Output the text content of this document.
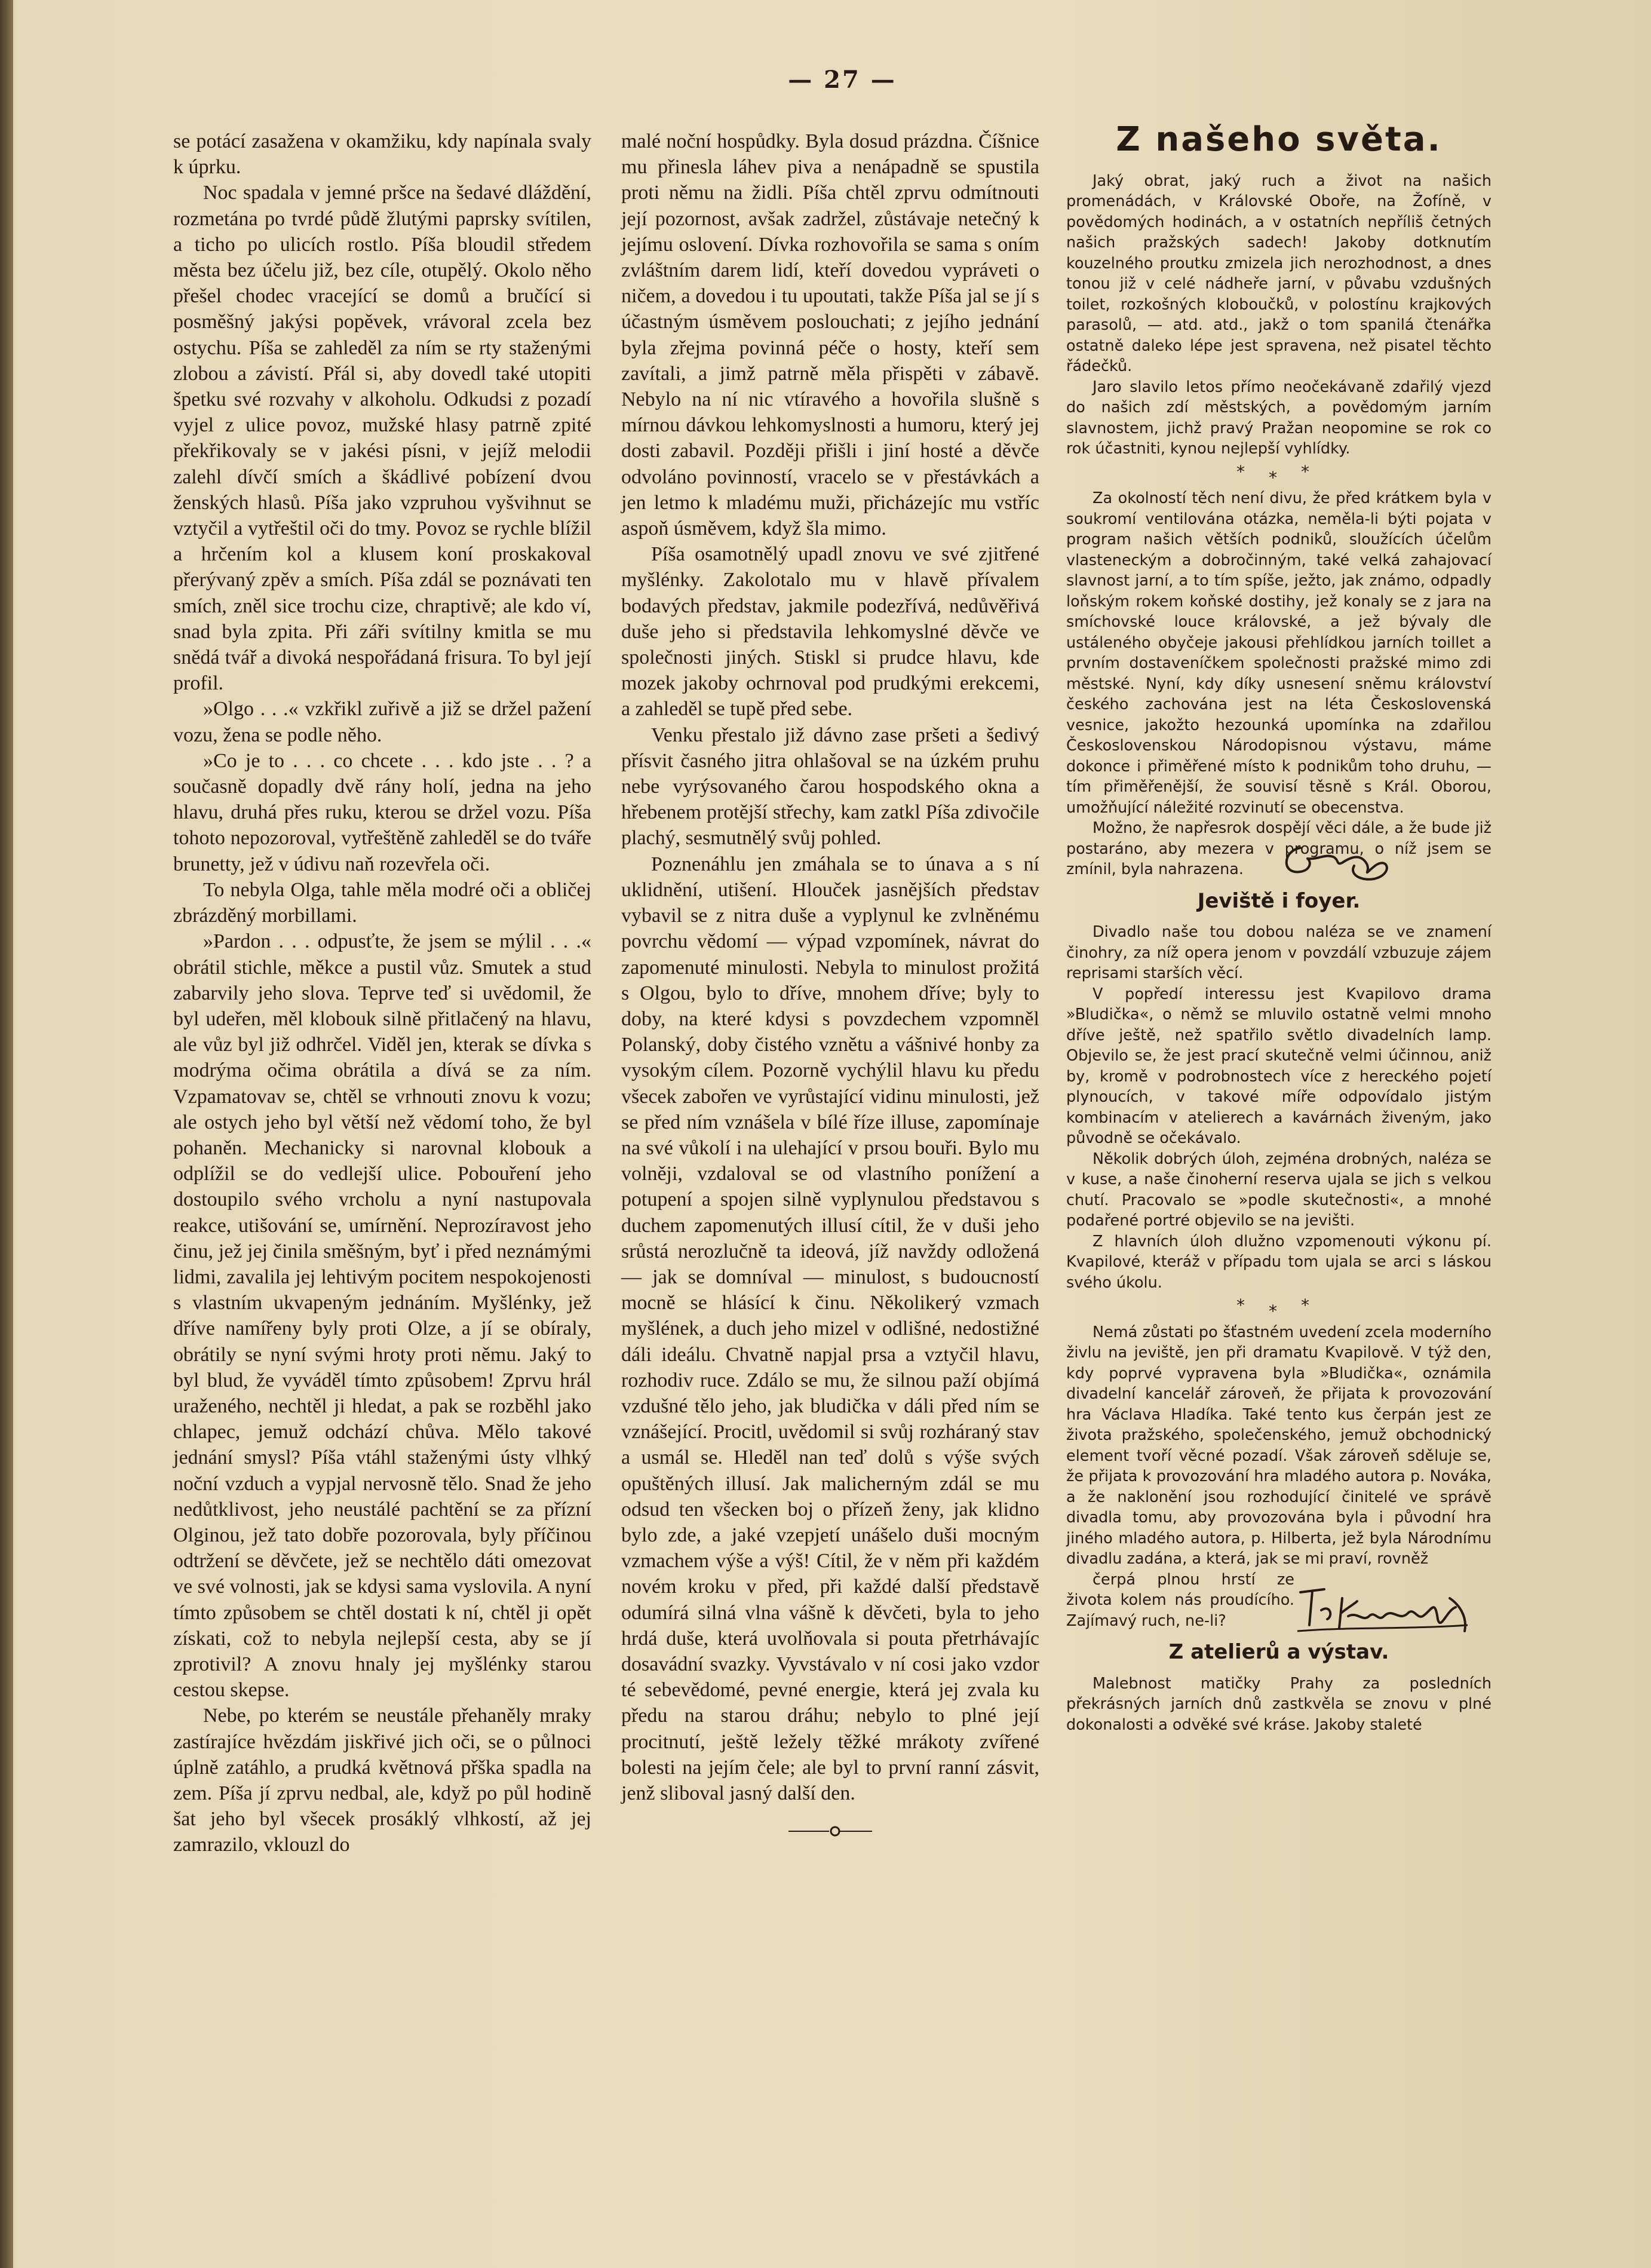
— 27 —

se potácí zasažena v okamžiku, kdy napínala svaly k úprku.

Noc spadala v jemné pršce na šedavé dláždění, rozmetána po tvrdé půdě žlutými paprsky svítilen, a ticho po ulicích rostlo. Píša bloudil středem města bez účelu již, bez cíle, otupělý. Okolo něho přešel chodec vracející se domů a bručící si posměšný jakýsi popěvek, vrávoral zcela bez ostychu. Píša se zahleděl za ním se rty staženými zlobou a závistí. Přál si, aby dovedl také utopiti špetku své rozvahy v alkoholu. Odkudsi z pozadí vyjel z ulice povoz, mužské hlasy patrně zpité překřikovaly se v jakési písni, v jejíž melodii zalehl dívčí smích a škádlivé pobízení dvou ženských hlasů. Píša jako vzpruhou vyšvihnut se vztyčil a vytřeštil oči do tmy. Povoz se rychle blížil a hrčením kol a klusem koní proskakoval přerývaný zpěv a smích. Píša zdál se poznávati ten smích, zněl sice trochu cize, chraptivě; ale kdo ví, snad byla zpita. Při záři svítilny kmitla se mu snědá tvář a divoká nespořádaná frisura. To byl její profil.

»Olgo . . .« vzkřikl zuřivě a již se držel pažení vozu, žena se podle něho.

»Co je to . . . co chcete . . . kdo jste . . ? a současně dopadly dvě rány holí, jedna na jeho hlavu, druhá přes ruku, kterou se držel vozu. Píša tohoto nepozoroval, vytřeštěně zahleděl se do tváře brunetty, jež v údivu naň rozevřela oči.

To nebyla Olga, tahle měla modré oči a obličej zbrázděný morbillami.

»Pardon . . . odpusťte, že jsem se mýlil . . .« obrátil stichle, měkce a pustil vůz. Smutek a stud zabarvily jeho slova. Teprve teď si uvědomil, že byl udeřen, měl klobouk silně přitlačený na hlavu, ale vůz byl již odhrčel. Viděl jen, kterak se dívka s modrýma očima obrátila a dívá se za ním. Vzpamatovav se, chtěl se vrhnouti znovu k vozu; ale ostych jeho byl větší než vědomí toho, že byl pohaněn. Mechanicky si narovnal klobouk a odplížil se do vedlejší ulice. Pobouření jeho dostoupilo svého vrcholu a nyní nastupovala reakce, utišování se, umírnění. Neprozíravost jeho činu, jež jej činila směšným, byť i před neznámými lidmi, zavalila jej lehtivým pocitem nespokojenosti s vlastním ukvapeným jednáním. Myšlénky, jež dříve namířeny byly proti Olze, a jí se obíraly, obrátily se nyní svými hroty proti němu. Jaký to byl blud, že vyváděl tímto způsobem! Zprvu hrál uraženého, nechtěl ji hledat, a pak se rozběhl jako chlapec, jemuž odchází chůva. Mělo takové jednání smysl? Píša vtáhl staženými ústy vlhký noční vzduch a vypjal nervosně tělo. Snad že jeho nedůtklivost, jeho neustálé pachtění se za přízní Olginou, jež tato dobře pozorovala, byly příčinou odtržení se děvčete, jež se nechtělo dáti omezovat ve své volnosti, jak se kdysi sama vyslovila. A nyní tímto způsobem se chtěl dostati k ní, chtěl ji opět získati, což to nebyla nejlepší cesta, aby se jí zprotivil? A znovu hnaly jej myšlénky starou cestou skepse.

Nebe, po kterém se neustále přehaněly mraky zastírajíce hvězdám jiskřivé jich oči, se o půlnoci úplně zatáhlo, a prudká květnová přška spadla na zem. Píša jí zprvu nedbal, ale, když po půl hodině šat jeho byl všecek prosáklý vlhkostí, až jej zamrazilo, vklouzl do

malé noční hospůdky. Byla dosud prázdna. Číšnice mu přinesla láhev piva a nenápadně se spustila proti němu na židli. Píša chtěl zprvu odmítnouti její pozornost, avšak zadržel, zůstávaje netečný k jejímu oslovení. Dívka rozhovořila se sama s oním zvláštním darem lidí, kteří dovedou vypráveti o ničem, a dovedou i tu upoutati, takže Píša jal se jí s účastným úsměvem poslouchati; z jejího jednání byla zřejma povinná péče o hosty, kteří sem zavítali, a jimž patrně měla přispěti v zábavě. Nebylo na ní nic vtíravého a hovořila slušně s mírnou dávkou lehkomyslnosti a humoru, který jej dosti zabavil. Později přišli i jiní hosté a děvče odvoláno povinností, vracelo se v přestávkách a jen letmo k mladému muži, přicházejíc mu vstříc aspoň úsměvem, když šla mimo.

Píša osamotnělý upadl znovu ve své zjitřené myšlénky. Zakolotalo mu v hlavě přívalem bodavých představ, jakmile podezřívá, nedůvěřivá duše jeho si představila lehkomyslné děvče ve společnosti jiných. Stiskl si prudce hlavu, kde mozek jakoby ochrnoval pod prudkými erekcemi, a zahleděl se tupě před sebe.

Venku přestalo již dávno zase pršeti a šedivý přísvit časného jitra ohlašoval se na úzkém pruhu nebe vyrýsovaného čarou hospodského okna a hřebenem protější střechy, kam zatkl Píša zdivočile plachý, sesmutnělý svůj pohled.

Poznenáhlu jen zmáhala se to únava a s ní uklidnění, utišení. Hlouček jasnějších představ vybavil se z nitra duše a vyplynul ke zvlněnému povrchu vědomí — výpad vzpomínek, návrat do zapomenuté minulosti. Nebyla to minulost prožitá s Olgou, bylo to dříve, mnohem dříve; byly to doby, na které kdysi s povzdechem vzpomněl Polanský, doby čistého vznětu a vášnivé honby za vysokým cílem. Pozorně vychýlil hlavu ku předu všecek zabořen ve vyrůstající vidinu minulosti, jež se před ním vznášela v bílé říze illuse, zapomínaje na své vůkolí i na ulehající v prsou bouři. Bylo mu volněji, vzdaloval se od vlastního ponížení a potupení a spojen silně vyplynulou představou s duchem zapomenutých illusí cítil, že v duši jeho srůstá nerozlučně ta ideová, jíž navždy odložená — jak se domníval — minulost, s budoucností mocně se hlásící k činu. Několikerý vzmach myšlének, a duch jeho mizel v odlišné, nedostižné dáli ideálu. Chvatně napjal prsa a vztyčil hlavu, rozhodiv ruce. Zdálo se mu, že silnou paží objímá vzdušné tělo jeho, jak bludička v dáli před ním se vznášející. Procitl, uvědomil si svůj rozháraný stav a usmál se. Hleděl nan teď dolů s výše svých opuštěných illusí. Jak malicherným zdál se mu odsud ten všecken boj o přízeň ženy, jak klidno bylo zde, a jaké vzepjetí unášelo duši mocným vzmachem výše a výš! Cítil, že v něm při každém novém kroku v před, při každé další představě odumírá silná vlna vášně k děvčeti, byla to jeho hrdá duše, která uvolňovala si pouta přetrhávajíc dosavádní svazky. Vyvstávalo v ní cosi jako vzdor té sebevědomé, pevné energie, která jej zvala ku předu na starou dráhu; nebylo to plné její procitnutí, ještě ležely těžké mrákoty zvířené bolesti na jejím čele; ale byl to první ranní zásvit, jenž sliboval jasný další den.

Z našeho světa.

Jaký obrat, jaký ruch a život na našich promenádách, v Královské Oboře, na Žofíně, v povědomých hodinách, a v ostatních nepříliš četných našich pražských sadech! Jakoby dotknutím kouzelného proutku zmizela jich nerozhodnost, a dnes tonou již v celé nádheře jarní, v půvabu vzdušných toilet, rozkošných kloboučků, v polostínu krajkových parasolů, — atd. atd., jakž o tom spanilá čtenářka ostatně daleko lépe jest spravena, než pisatel těchto řádečků.

Jaro slavilo letos přímo neočekávaně zdařilý vjezd do našich zdí městských, a povědomým jarním slavnostem, jichž pravý Pražan neopomine se rok co rok účastniti, kynou nejlepší vyhlídky.

***

Za okolností těch není divu, že před krátkem byla v soukromí ventilována otázka, neměla-li býti pojata v program našich větších podniků, sloužících účelům vlasteneckým a dobročinným, také velká zahajovací slavnost jarní, a to tím spíše, ježto, jak známo, odpadly loňským rokem koňské dostihy, jež konaly se z jara na smíchovské louce královské, a jež bývaly dle ustáleného obyčeje jakousi přehlídkou jarních toillet a prvním dostaveníčkem společnosti pražské mimo zdi městské. Nyní, kdy díky usnesení sněmu království českého zachována jest na léta Československá vesnice, jakožto hezounká upomínka na zdařilou Československou Národopisnou výstavu, máme dokonce i přiměřené místo k podnikům toho druhu, — tím přiměřenější, že souvisí těsně s Král. Oborou, umožňující náležité rozvinutí se obecenstva.

Možno, že napřesrok dospějí věci dále, a že bude již postaráno, aby mezera v programu, o níž jsem se zmínil, byla nahrazena.

Jeviště i foyer.

Divadlo naše tou dobou naléza se ve znamení činohry, za níž opera jenom v povzdálí vzbuzuje zájem reprisami starších věcí.

V popředí interessu jest Kvapilovo drama »Bludička«, o němž se mluvilo ostatně velmi mnoho dříve ještě, než spatřilo světlo divadelních lamp. Objevilo se, že jest prací skutečně velmi účinnou, aniž by, kromě v podrobnostech více z hereckého pojetí plynoucích, v takové míře odpovídalo jistým kombinacím v atelierech a kavárnách živeným, jako původně se očekávalo.

Několik dobrých úloh, zejména drobných, naléza se v kuse, a naše činoherní reserva ujala se jich s velkou chutí. Pracovalo se »podle skutečnosti«, a mnohé podařené portré objevilo se na jevišti.

Z hlavních úloh dlužno vzpomenouti výkonu pí. Kvapilové, kteráž v případu tom ujala se arci s láskou svého úkolu.

***

Nemá zůstati po šťastném uvedení zcela moderního živlu na jeviště, jen při dramatu Kvapilově. V týž den, kdy poprvé vypravena byla »Bludička«, oznámila divadelní kancelář zároveň, že přijata k provozování hra Václava Hladíka. Také tento kus čerpán jest ze života pražského, společenského, jemuž obchodnický element tvoří věcné pozadí. Však zároveň sděluje se, že přijata k provozování hra mladého autora p. Nováka, a že naklonění jsou rozhodující činitelé ve správě divadla tomu, aby provozována byla i původní hra jiného mladého autora, p. Hilberta, jež byla Národnímu divadlu zadána, a která, jak se mi praví, rovněž

čerpá plnou hrstí ze života kolem nás proudícího. Zajímavý ruch, ne-li?

Z atelierů a výstav.

Malebnost matičky Prahy za posledních překrásných jarních dnů zastkvěla se znovu v plné dokonalosti a odvěké své kráse. Jakoby staleté
